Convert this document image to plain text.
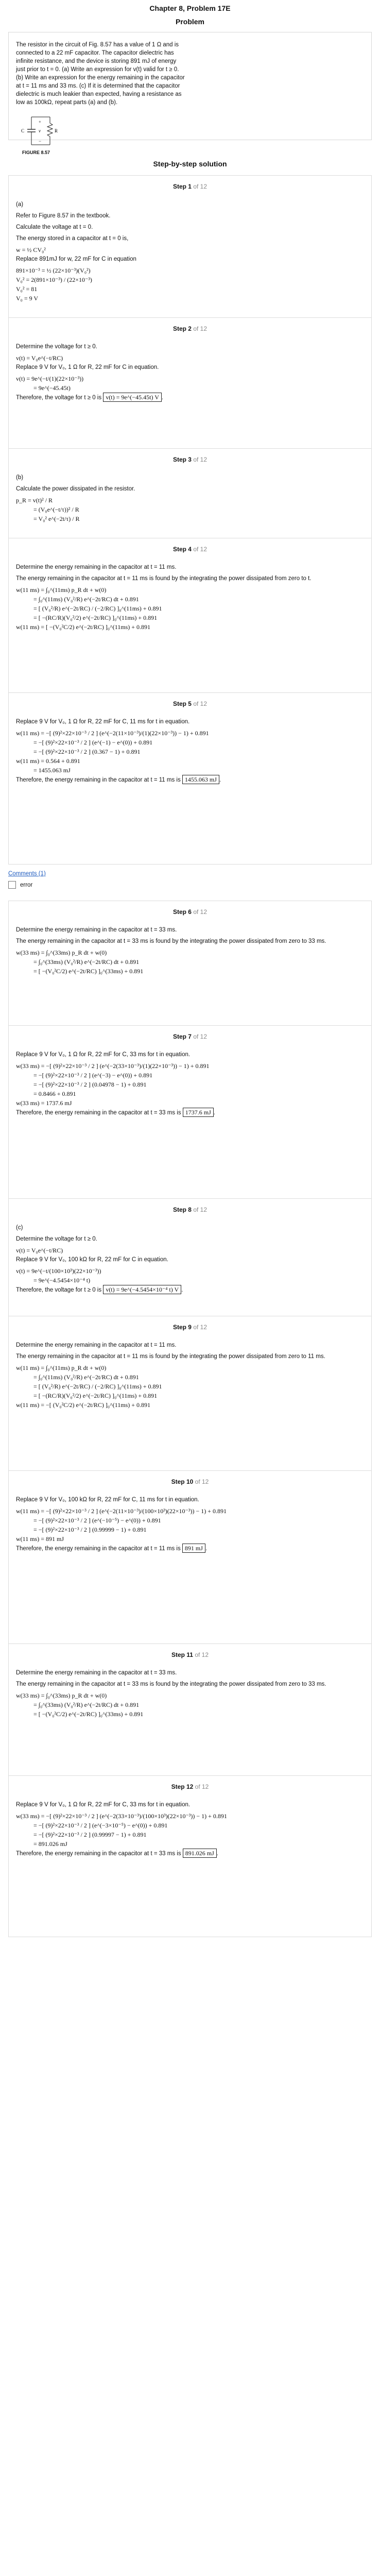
Chapter 8, Problem 17E
Problem
The resistor in the circuit of Fig. 8.57 has a value of 1 Ω and is connected to a 22 mF capacitor. The capacitor dielectric has infinite resistance, and the device is storing 891 mJ of energy just prior to t = 0. (a) Write an expression for v(t) valid for t ≥ 0. (b) Write an expression for the energy remaining in the capacitor at t = 11 ms and 33 ms. (c) If it is determined that the capacitor dielectric is much leakier than expected, having a resistance as low as 100kΩ, repeat parts (a) and (b).
C	R
+
v
−
FIGURE 8.57
Step-by-step solution
Step 1 of 12
(a)
Refer to Figure 8.57 in the textbook.
Calculate the voltage at t = 0.
The energy stored in a capacitor at t = 0 is,
w = ½ CV₀²
Replace 891mJ for w, 22 mF for C in equation
891×10⁻³ = ½ (22×10⁻³)(V₀²)
V₀² = 2(891×10⁻³) / (22×10⁻³)
V₀² = 81
V₀ = 9 V
Step 2 of 12
Determine the voltage for t ≥ 0.
v(t) = V₀e^(−t/RC)
Replace 9 V for V₀, 1 Ω for R, 22 mF for C in equation.
v(t) = 9e^(−t/(1)(22×10⁻³))
= 9e^(−45.45t)
Therefore, the voltage for t ≥ 0 is v(t) = 9e^(−45.45t) V .
Step 3 of 12
(b)
Calculate the power dissipated in the resistor.
p_R = v(t)² / R
= (V₀e^(−t/τ))² / R
= V₀² e^(−2t/τ) / R
Step 4 of 12
Determine the energy remaining in the capacitor at t = 11 ms.
The energy remaining in the capacitor at t = 11 ms is found by the integrating the power dissipated from zero to t.
w(11 ms) = ∫₀^(11ms) p_R dt + w(0)
= ∫₀^(11ms) (V₀²/R) e^(−2t/RC) dt + 0.891
= [ (V₀²/R) e^(−2t/RC) / (−2/RC) ]₀^(11ms) + 0.891
= [ −(RC/R)(V₀²/2) e^(−2t/RC) ]₀^(11ms) + 0.891
w(11 ms) = [ −(V₀²C/2) e^(−2t/RC) ]₀^(11ms) + 0.891
Step 5 of 12
Replace 9 V for V₀, 1 Ω for R, 22 mF for C, 11 ms for t in equation.
w(11 ms) = −[ (9)²×22×10⁻³ / 2 ] (e^(−2(11×10⁻³)/(1)(22×10⁻³)) − 1) + 0.891
= −[ (9)²×22×10⁻³ / 2 ] (e^(−1) − e^(0)) + 0.891
= −[ (9)²×22×10⁻³ / 2 ] (0.367 − 1) + 0.891
w(11 ms) = 0.564 + 0.891
= 1455.063 mJ
Therefore, the energy remaining in the capacitor at t = 11 ms is 1455.063 mJ .
Comments (1)
error
Step 6 of 12
Determine the energy remaining in the capacitor at t = 33 ms.
The energy remaining in the capacitor at t = 33 ms is found by the integrating the power dissipated from zero to 33 ms.
w(33 ms) = ∫₀^(33ms) p_R dt + w(0)
= ∫₀^(33ms) (V₀²/R) e^(−2t/RC) dt + 0.891
= [ −(V₀²C/2) e^(−2t/RC) ]₀^(33ms) + 0.891
Step 7 of 12
Replace 9 V for V₀, 1 Ω for R, 22 mF for C, 33 ms for t in equation.
w(33 ms) = −[ (9)²×22×10⁻³ / 2 ] (e^(−2(33×10⁻³)/(1)(22×10⁻³)) − 1) + 0.891
= −[ (9)²×22×10⁻³ / 2 ] (e^(−3) − e^(0)) + 0.891
= −[ (9)²×22×10⁻³ / 2 ] (0.04978 − 1) + 0.891
= 0.8466 + 0.891
w(33 ms) = 1737.6 mJ
Therefore, the energy remaining in the capacitor at t = 33 ms is 1737.6 mJ .
Step 8 of 12
(c)
Determine the voltage for t ≥ 0.
v(t) = V₀e^(−t/RC)
Replace 9 V for V₀, 100 kΩ for R, 22 mF for C in equation.
v(t) = 9e^(−t/(100×10³)(22×10⁻³))
= 9e^(−4.5454×10⁻⁴ t)
Therefore, the voltage for t ≥ 0 is v(t) = 9e^(−4.5454×10⁻⁴ t) V .
Step 9 of 12
Determine the energy remaining in the capacitor at t = 11 ms.
The energy remaining in the capacitor at t = 11 ms is found by the integrating the power dissipated from zero to 11 ms.
w(11 ms) = ∫₀^(11ms) p_R dt + w(0)
= ∫₀^(11ms) (V₀²/R) e^(−2t/RC) dt + 0.891
= [ (V₀²/R) e^(−2t/RC) / (−2/RC) ]₀^(11ms) + 0.891
= [ −(RC/R)(V₀²/2) e^(−2t/RC) ]₀^(11ms) + 0.891
w(11 ms) = −[ (V₀²C/2) e^(−2t/RC) ]₀^(11ms) + 0.891
Step 10 of 12
Replace 9 V for V₀, 100 kΩ for R, 22 mF for C, 11 ms for t in equation.
w(11 ms) = −[ (9)²×22×10⁻³ / 2 ] (e^(−2(11×10⁻³)/(100×10³)(22×10⁻³)) − 1) + 0.891
= −[ (9)²×22×10⁻³ / 2 ] (e^(−10⁻⁵) − e^(0)) + 0.891
= −[ (9)²×22×10⁻³ / 2 ] (0.99999 − 1) + 0.891
w(11 ms) = 891 mJ
Therefore, the energy remaining in the capacitor at t = 11 ms is 891 mJ .
Step 11 of 12
Determine the energy remaining in the capacitor at t = 33 ms.
The energy remaining in the capacitor at t = 33 ms is found by the integrating the power dissipated from zero to 33 ms.
w(33 ms) = ∫₀^(33ms) p_R dt + w(0)
= ∫₀^(33ms) (V₀²/R) e^(−2t/RC) dt + 0.891
= [ −(V₀²C/2) e^(−2t/RC) ]₀^(33ms) + 0.891
Step 12 of 12
Replace 9 V for V₀, 1 Ω for R, 22 mF for C, 33 ms for t in equation.
w(33 ms) = −[ (9)²×22×10⁻³ / 2 ] (e^(−2(33×10⁻³)/(100×10³)(22×10⁻³)) − 1) + 0.891
= −[ (9)²×22×10⁻³ / 2 ] (e^(−3×10⁻⁵) − e^(0)) + 0.891
= −[ (9)²×22×10⁻³ / 2 ] (0.99997 − 1) + 0.891
= 891.026 mJ
Therefore, the energy remaining in the capacitor at t = 33 ms is 891.026 mJ .
